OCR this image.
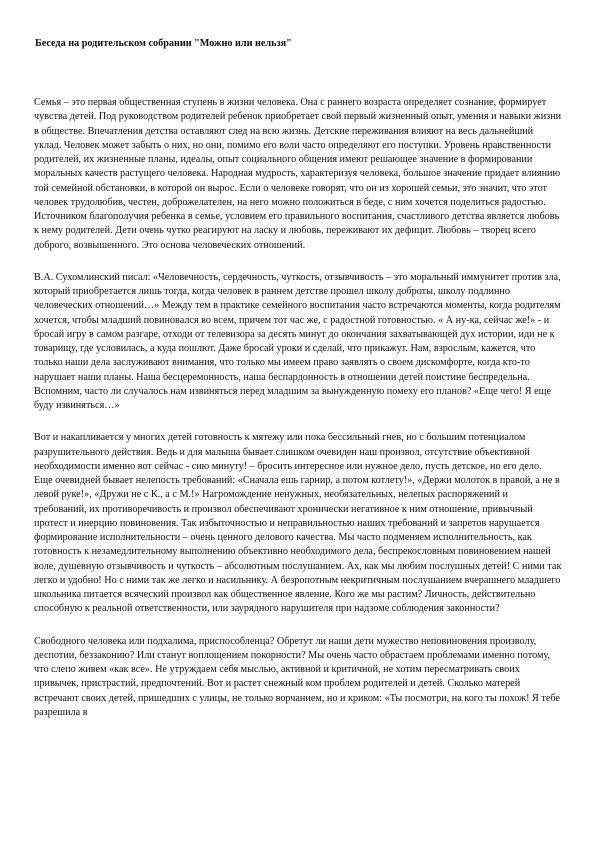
Беседа на родительском собрании "Можно или нельзя"

Семья – это первая общественная ступень в жизни человека. Она с раннего возраста определяет сознание, формирует чувства детей. Под руководством родителей ребенок приобретает свой первый жизненный опыт, умения и навыки жизни в обществе. Впечатления детства оставляют след на всю жизнь. Детские переживания влияют на весь дальнейший уклад. Человек может забыть о них, но они, помимо его воли часто определяют его поступки. Уровень нравственности родителей, их жизненные планы, идеалы, опыт социального общения имеют решающее значение в формировании моральных качеств растущего человека. Народная мудрость, характеризуя человека, большое значение придает влиянию той семейной обстановки, в которой он вырос. Если о человеке говорят, что он из хорошей семьи, это значит, что этот человек трудолюбив, честен, доброжелателен, на него можно положиться в беде, с ним хочется поделиться радостью. Источником благополучия ребенка в семье, условием его правильного воспитания, счастливого детства является любовь к нему родителей. Дети очень чутко реагируют на ласку и любовь, переживают их дефицит. Любовь – творец всего доброго, возвышенного. Это основа человеческих отношений.

В.А. Сухомлинский писал: «Человечность, сердечность, чуткость, отзывчивость – это моральный иммунитет против зла, который приобретается лишь тогда, когда человек в раннем детстве прошел школу доброты, школу подлинно человеческих отношений…» Между тем в практике семейного воспитания часто встречаются моменты, когда родителям хочется, чтобы младший повиновался во всем, причем тот час же, с радостной готовностью. « А ну-ка, сейчас же!» - и бросай игру в самом разгаре, отходи от телевизора за десять минут до окончания захватывающей дух истории, иди не к товарищу, где условилась, а куда пошлют. Даже бросай уроки и сделай, что прикажут. Нам, взрослым, кажется, что только наши дела заслуживают внимания, что только мы имеем право заявлять о своем дискомфорте, когда кто-то нарушает наши планы. Наша бесцеремонность, наша беспардонность в отношении детей поистине беспредельна. Вспомним, часто ли случалось нам извиняться перед младшим за вынужденную помеху его планов? «Еще чего! Я еще буду извиняться…»

Вот и накапливается у многих детей готовность к мятежу или пока бессильный гнев, но с большим потенциалом разрушительного действия. Ведь и для малыша бывает слишком очевиден наш произвол, отсутствие объективной необходимости именно вот сейчас - сию минуту! – бросить интересное или нужное дело, пусть детское, но его дело. Еще очевидней бывает нелепость требований: «Сначала ешь гарнир, а потом котлету!», «Держи молоток в правой, а не в левой руке!», «Дружи не с К., а с М.!» Нагромождение ненужных, необязательных, нелепых распоряжений и требований, их противоречивость и произвол обеспечивают хронически негативное к ним отношение, привычный протест и инерцию повиновения. Так избыточностью и неправильностью наших требований и запретов нарушается формирование исполнительности – очень ценного делового качества. Мы часто подменяем исполнительность, как готовность к незамедлительному выполнению объективно необходимого дела, беспрекословным повиновением нашей воле, душевную отзывчивость и чуткость – абсолютным послушанием. Ах, как мы любим послушных детей! С ними так легко и удобно! Но с ними так же легко и насильнику. А безропотным некритичным послушанием вчерашнего младшего школьника питается всяческий произвол как общественное явление. Кого же мы растим? Личность, действительно способную к реальной ответственности, или заурядного нарушителя при надзоме соблюдения законности?

Свободного человека или подхалима, приспособленца? Обретут ли наши дети мужество неповиновения произволу, деспотии, беззаконию? Или станут воплощением покорности? Мы очень часто обрастаем проблемами именно потому, что слепо живем «как все». Не утруждаем себя мыслью, активной и критичной, не хотим пересматривать своих привычек, пристрастий, предпочтений. Вот и растет снежный ком проблем родителей и детей. Сколько матерей встречают своих детей, пришедших с улицы, не только ворчанием, но и криком: «Ты посмотри, на кого ты похож! Я тебе разрешила в
